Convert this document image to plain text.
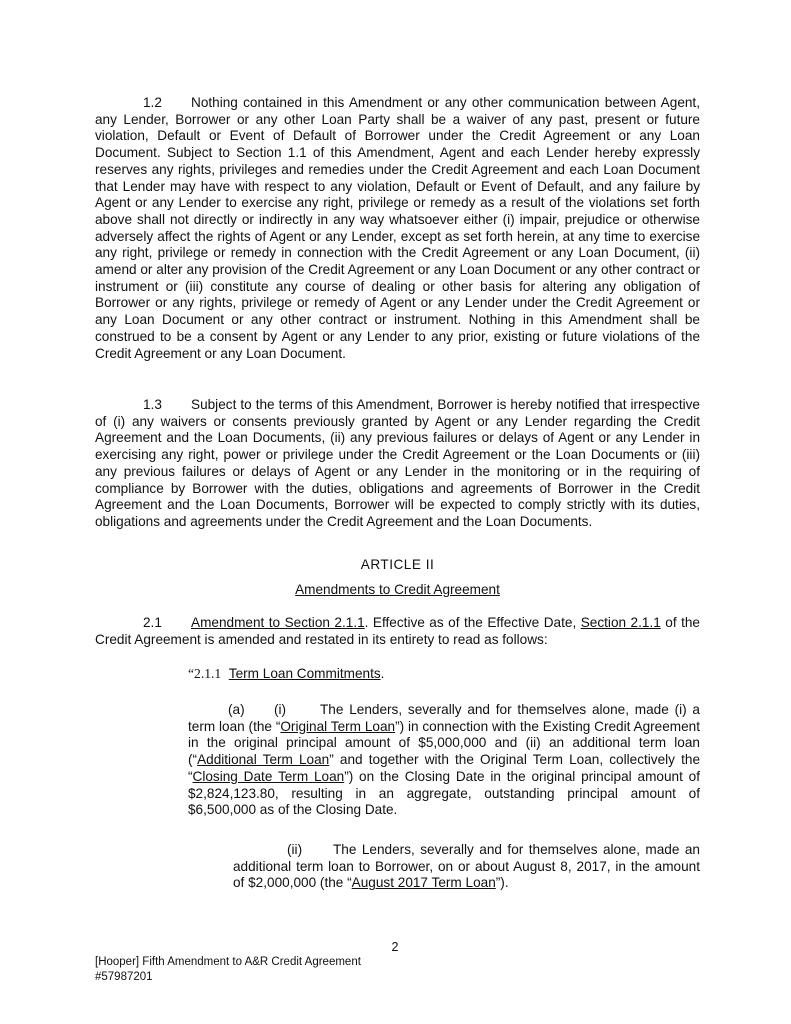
1.2 Nothing contained in this Amendment or any other communication between Agent, any Lender, Borrower or any other Loan Party shall be a waiver of any past, present or future violation, Default or Event of Default of Borrower under the Credit Agreement or any Loan Document. Subject to Section 1.1 of this Amendment, Agent and each Lender hereby expressly reserves any rights, privileges and remedies under the Credit Agreement and each Loan Document that Lender may have with respect to any violation, Default or Event of Default, and any failure by Agent or any Lender to exercise any right, privilege or remedy as a result of the violations set forth above shall not directly or indirectly in any way whatsoever either (i) impair, prejudice or otherwise adversely affect the rights of Agent or any Lender, except as set forth herein, at any time to exercise any right, privilege or remedy in connection with the Credit Agreement or any Loan Document, (ii) amend or alter any provision of the Credit Agreement or any Loan Document or any other contract or instrument or (iii) constitute any course of dealing or other basis for altering any obligation of Borrower or any rights, privilege or remedy of Agent or any Lender under the Credit Agreement or any Loan Document or any other contract or instrument. Nothing in this Amendment shall be construed to be a consent by Agent or any Lender to any prior, existing or future violations of the Credit Agreement or any Loan Document.

1.3 Subject to the terms of this Amendment, Borrower is hereby notified that irrespective of (i) any waivers or consents previously granted by Agent or any Lender regarding the Credit Agreement and the Loan Documents, (ii) any previous failures or delays of Agent or any Lender in exercising any right, power or privilege under the Credit Agreement or the Loan Documents or (iii) any previous failures or delays of Agent or any Lender in the monitoring or in the requiring of compliance by Borrower with the duties, obligations and agreements of Borrower in the Credit Agreement and the Loan Documents, Borrower will be expected to comply strictly with its duties, obligations and agreements under the Credit Agreement and the Loan Documents.

ARTICLE II

Amendments to Credit Agreement

2.1 Amendment to Section 2.1.1. Effective as of the Effective Date, Section 2.1.1 of the Credit Agreement is amended and restated in its entirety to read as follows:

“2.1.1 Term Loan Commitments.

(a) (i) The Lenders, severally and for themselves alone, made (i) a term loan (the “Original Term Loan”) in connection with the Existing Credit Agreement in the original principal amount of $5,000,000 and (ii) an additional term loan (“Additional Term Loan” and together with the Original Term Loan, collectively the “Closing Date Term Loan”) on the Closing Date in the original principal amount of $2,824,123.80, resulting in an aggregate, outstanding principal amount of $6,500,000 as of the Closing Date.

(ii) The Lenders, severally and for themselves alone, made an additional term loan to Borrower, on or about August 8, 2017, in the amount of $2,000,000 (the “August 2017 Term Loan”).

2
[Hooper] Fifth Amendment to A&R Credit Agreement
#57987201
